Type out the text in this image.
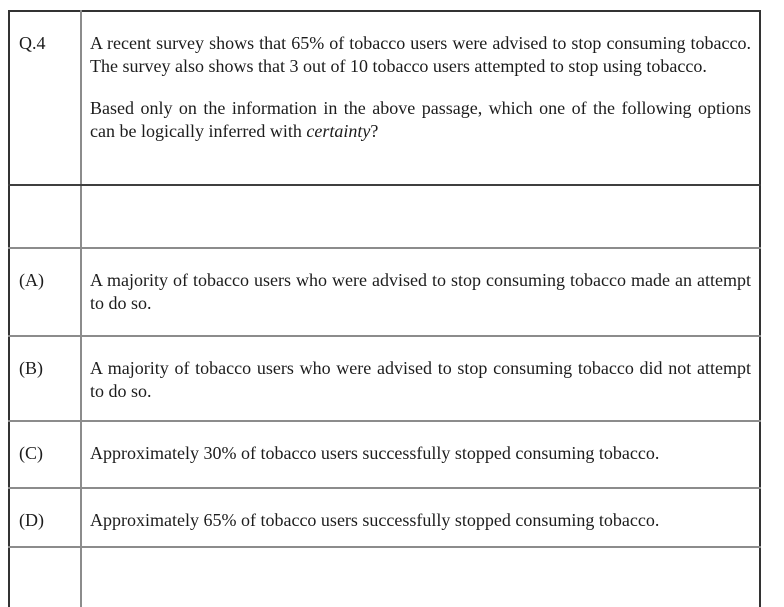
Q.4	A recent survey shows that 65% of tobacco users were advised to stop consuming tobacco. The survey also shows that 3 out of 10 tobacco users attempted to stop using tobacco.

Based only on the information in the above passage, which one of the following options can be logically inferred with certainty?

(A)	A majority of tobacco users who were advised to stop consuming tobacco made an attempt to do so.
(B)	A majority of tobacco users who were advised to stop consuming tobacco did not attempt to do so.
(C)	Approximately 30% of tobacco users successfully stopped consuming tobacco.
(D)	Approximately 65% of tobacco users successfully stopped consuming tobacco.
